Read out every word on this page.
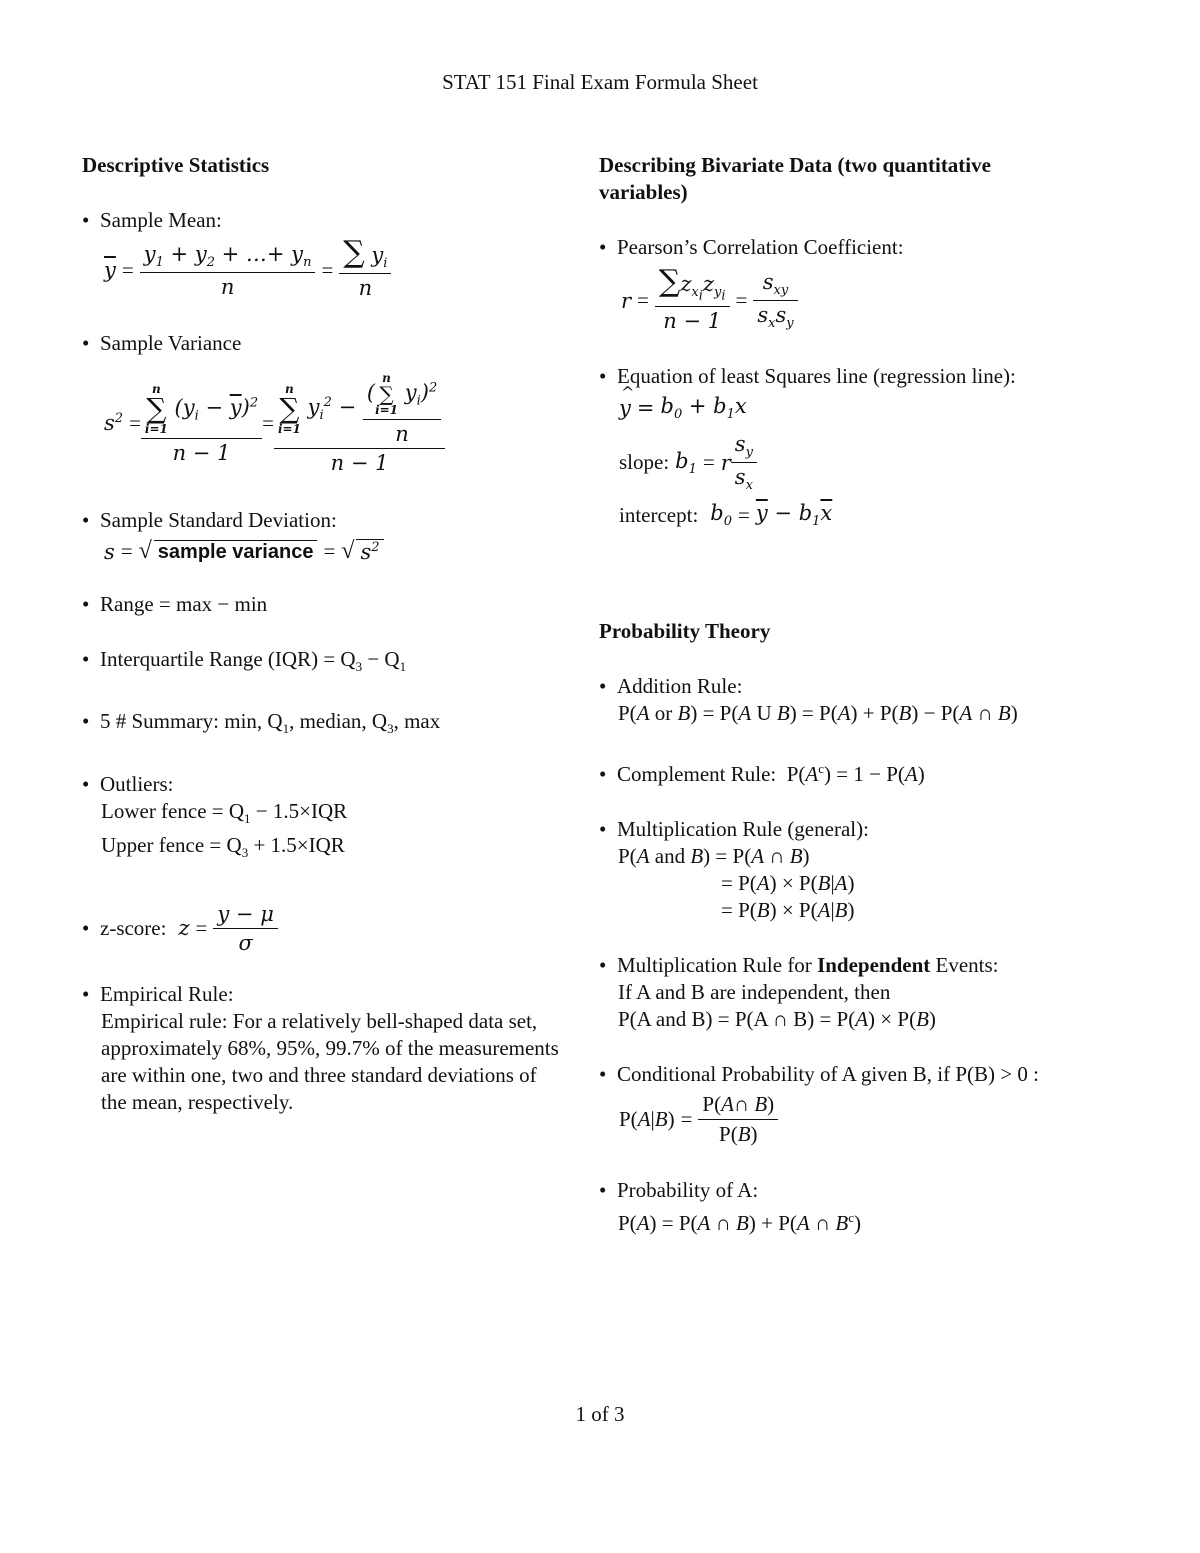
STAT 151 Final Exam Formula Sheet

Descriptive Statistics

• Sample Mean:
$\overline{y} = \frac{y_1 + y_2 + \dots+ y_n}{n} = \frac{\sum y_i}{n}$
• Sample Variance
$s^2 = n$
∑
i=1
$(y_i - \overline{y})^2$
n − 1 = n
∑
i=1
$y_i^2$ − (
n
∑
i=1
$y_i)^2$
n
n − 1
• Sample Standard Deviation:
s = √ sample variance = √ $s^2$
• Range = max − min
• Interquartile Range $(IQR) = Q_3 - Q_1$
• 5 # Summary: min, $Q_1$, median, $Q_3$, max
• Outliers:
Lower fence = $Q_1 - 1.5\times IQR$
Upper fence = $Q_3 + 1.5\times IQR$
• z-score: $z = \frac{y - \mu}{\sigma}$
• Empirical Rule:
Empirical rule: For a relatively bell-shaped data set, approximately 68%, 95%, 99.7% of the measurements are within one, two and three standard deviations of the mean, respectively.

Describing Bivariate Data (two quantitative variables)

• Pearson’s Correlation Coefficient:
$r = \frac{\sum z_{x_i}z_{y_i}}{n - 1} = \frac{s_{xy}}{s_xs_y}$
• Equation of least Squares line (regression line):
^ $y = b_0 + b_1x$
slope: $b_1 = r \frac{s_y}{s_x}$
intercept: $b_0 = \overline{y} - b_1\overline{x}$

Probability Theory

• Addition Rule:
P(A or B) = P(A U B) = P(A) + P(B) − P(A ∩ B)
• Complement Rule:  $P(A^c) = 1 - P(A)$
• Multiplication Rule (general):
P(A and B) = P(A ∩ B)
= P(A) × P(B|A)
= P(B) × P(A|B)
• Multiplication Rule for Independent Events:
If A and B are independent, then
P(A and B) = P(A ∩ B) = P(A) × P(B)
• Conditional Probability of A given B, if P(B) > 0 :
$P(A|B) = \frac{P(A\cap B)}{P(B)}$
• Probability of A:
P(A) = P(A ∩ B) + P(A ∩ $B^c$)
1 of 3
